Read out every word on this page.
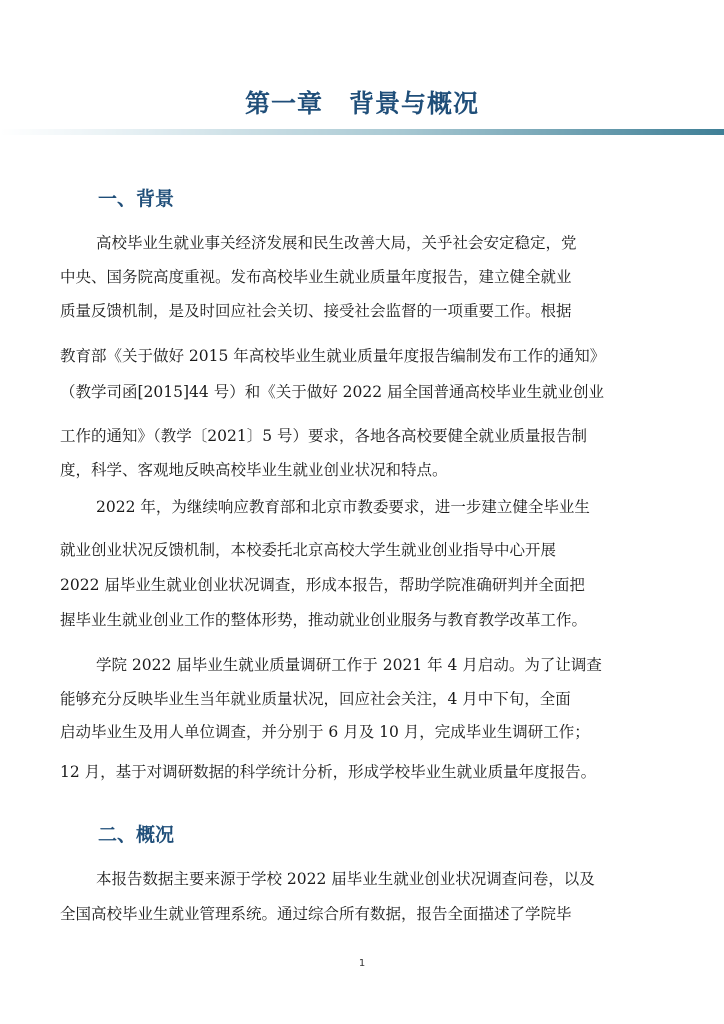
第一章　背景与概况
一、背景
高校毕业生就业事关经济发展和民生改善大局，关乎社会安定稳定，党
中央、国务院高度重视。发布高校毕业生就业质量年度报告，建立健全就业
质量反馈机制，是及时回应社会关切、接受社会监督的一项重要工作。根据
教育部《关于做好 2015 年高校毕业生就业质量年度报告编制发布工作的通知》
（教学司函[2015]44 号）和《关于做好 2022 届全国普通高校毕业生就业创业
工作的通知》（教学〔2021〕5 号）要求，各地各高校要健全就业质量报告制
度，科学、客观地反映高校毕业生就业创业状况和特点。
2022 年，为继续响应教育部和北京市教委要求，进一步建立健全毕业生
就业创业状况反馈机制，本校委托北京高校大学生就业创业指导中心开展
2022 届毕业生就业创业状况调查，形成本报告，帮助学院准确研判并全面把
握毕业生就业创业工作的整体形势，推动就业创业服务与教育教学改革工作。
学院 2022 届毕业生就业质量调研工作于 2021 年 4 月启动。为了让调查
能够充分反映毕业生当年就业质量状况，回应社会关注，4 月中下旬，全面
启动毕业生及用人单位调查，并分别于 6 月及 10 月，完成毕业生调研工作；
12 月，基于对调研数据的科学统计分析，形成学校毕业生就业质量年度报告。
二、概况
本报告数据主要来源于学校 2022 届毕业生就业创业状况调查问卷，以及
全国高校毕业生就业管理系统。通过综合所有数据，报告全面描述了学院毕
1
